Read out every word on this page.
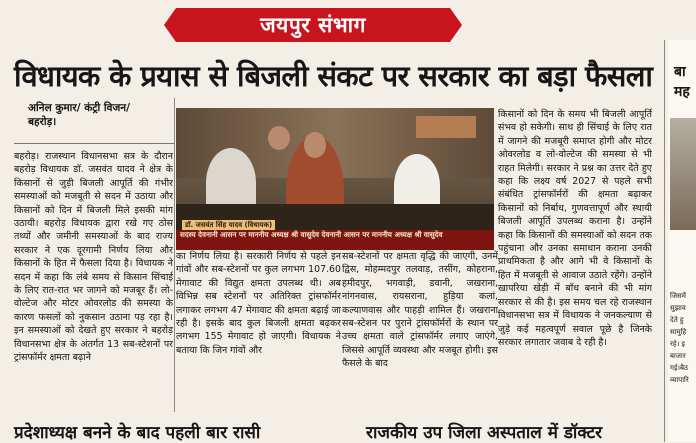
जयपुर संभाग
विधायक के प्रयास से बिजली संकट पर सरकार का बड़ा फैसला
अनिल कुमार/ कंट्री विजन/ बहरोड़।
बहरोड़। राजस्थान विधानसभा सत्र के दौरान बहरोड़ विधायक डॉ. जसवंत यादव ने क्षेत्र के किसानों से जुड़ी बिजली आपूर्ति की गंभीर समस्याओं को मजबूती से सदन में उठाया और किसानों को दिन में बिजली मिले इसकी मांग उठायी। बहरोड़ विधायक द्वारा रखे गए ठोस तथ्यों और जमीनी समस्याओं के बाद राज्य सरकार ने एक दूरगामी निर्णय लिया और किसानों के हित में फैसला दिया है। विधायक ने सदन में कहा कि लंबे समय से किसान सिंचाई के लिए रात-रात भर जागने को मजबूर हैं। लो-वोल्टेज और मोटर ओवरलोड की समस्या के कारण फसलों को नुकसान उठाना पड़ रहा है। इन समस्याओं को देखते हुए सरकार ने बहरोड़ विधानसभा क्षेत्र के अंतर्गत 13 सब-स्टेशनों पर ट्रांसफॉर्मर क्षमता बढ़ाने
डॉ. जसवंत सिंह यादव (विधायक)
सदस्य देवनानी आसन पर माननीय अध्यक्ष श्री वासुदेव देवनानी आसन पर माननीय अध्यक्ष श्री वासुदेव
का निर्णय लिया है। सरकारी निर्णय से पहले इन गांवों और सब-स्टेशनों पर कुल लगभग 107.60 मेगावाट की विद्युत क्षमता उपलब्ध थी। अब विभिन्न सब स्टेशनों पर अतिरिक्त ट्रांसफॉर्मर लगाकर लगभग 47 मेगावाट की क्षमता बढ़ाई जा रही है। इसके बाद कुल बिजली क्षमता बढ़कर लगभग 155 मेगावाट हो जाएगी। विधायक ने बताया कि जिन गांवों और
सब-स्टेशनों पर क्षमता वृद्धि की जाएगी, उनमें द्विस, मोहम्मदपुर तलवाड़, तसींग, कोहराना, हमीदपुर, भगवाड़ी, डवानी, जखराना, नांगनवास, रायसराना, हुड़िया कलां, कल्याणवास और पाहड़ी शामिल हैं। जखराना सब-स्टेशन पर पुराने ट्रांसफॉर्मरों के स्थान पर उच्च क्षमता वाले ट्रांसफॉर्मर लगाए जाएंगे, जिससे आपूर्ति व्यवस्था और मजबूत होगी। इस फैसले के बाद
किसानों को दिन के समय भी बिजली आपूर्ति संभव हो सकेगी। साथ ही सिंचाई के लिए रात में जागने की मजबूरी समाप्त होगी और मोटर ओवरलोड व लो-वोल्टेज की समस्या से भी राहत मिलेगी। सरकार ने प्रश्न का उत्तर देते हुए कहा कि लक्ष्य वर्ष 2027 से पहले सभी संबंधित ट्रांसफॉर्मरों की क्षमता बढ़ाकर किसानों को निर्बाध, गुणवत्तापूर्ण और स्थायी बिजली आपूर्ति उपलब्ध कराना है। उन्होंने कहा कि किसानों की समस्याओं को सदन तक पहुंचाना और उनका समाधान कराना उनकी प्राथमिकता है और आगे भी वे किसानों के हित में मजबूती से आवाज उठाते रहेंगे। उन्होंने खापरिया खेड़ी में बाँध बनाने की भी मांग सरकार से की है। इस समय चल रहे राजस्थान विधानसभा सत्र में विधायक ने जनकल्याण से जुड़े कई महत्वपूर्ण सवाल पूछे है जिनके सरकार लगातार जवाब दे रही है।
बा
मह
जिसमें
सुझाव
देते हु
सामुहि
रहे। इ
बाजार
गई।बैठ
व्यापारि
प्रदेशाध्यक्ष बनने के बाद पहली बार रासी	राजकीय उप जिला अस्पताल में डॉक्टर
